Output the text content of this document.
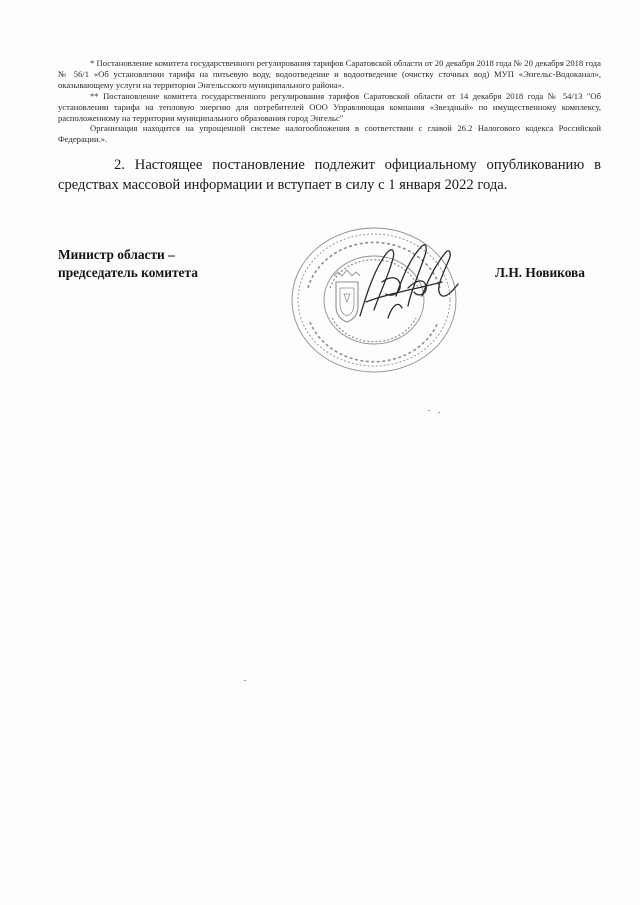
* Постановление комитета государственного регулирования тарифов Саратовской области от 20 декабря 2018 года № 20 декабря 2018 года № 56/1 «Об установлении тарифа на питьевую воду, водоотведение и водоотведение (очистку сточных вод) МУП «Энгельс-Водоканал», оказывающему услуги на территории Энгельсского муниципального района».

** Постановление комитета государственного регулирования тарифов Саратовской области от 14 декабря 2018 года № 54/13 "Об установлении тарифа на тепловую энергию для потребителей ООО Управляющая компания «Звездный» по имущественному комплексу, расположенному на территории муниципального образования город Энгельс"

Организация находится на упрощенной системе налогообложения в соответствии с главой 26.2 Налогового кодекса Российской Федерации.».

2. Настоящее постановление подлежит официальному опубликованию в средствах массовой информации и вступает в силу с 1 января 2022 года.

Министр области –
председатель комитета	Л.Н. Новикова
